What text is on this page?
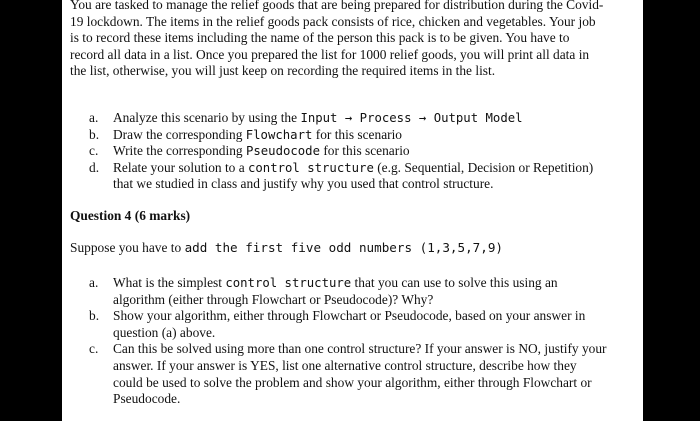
You are tasked to manage the relief goods that are being prepared for distribution during the Covid-
19 lockdown. The items in the relief goods pack consists of rice, chicken and vegetables. Your job
is to record these items including the name of the person this pack is to be given. You have to
record all data in a list. Once you prepared the list for 1000 relief goods, you will print all data in
the list, otherwise, you will just keep on recording the required items in the list.
a.	Analyze this scenario by using the Input → Process → Output Model
b.	Draw the corresponding Flowchart for this scenario
c.	Write the corresponding Pseudocode for this scenario
d.	Relate your solution to a control structure (e.g. Sequential, Decision or Repetition)
that we studied in class and justify why you used that control structure.
Question 4 (6 marks)
Suppose you have to add the first five odd numbers (1,3,5,7,9)
a.	What is the simplest control structure that you can use to solve this using an
algorithm (either through Flowchart or Pseudocode)? Why?
b.	Show your algorithm, either through Flowchart or Pseudocode, based on your answer in
question (a) above.
c.	Can this be solved using more than one control structure? If your answer is NO, justify your
answer. If your answer is YES, list one alternative control structure, describe how they
could be used to solve the problem and show your algorithm, either through Flowchart or
Pseudocode.
